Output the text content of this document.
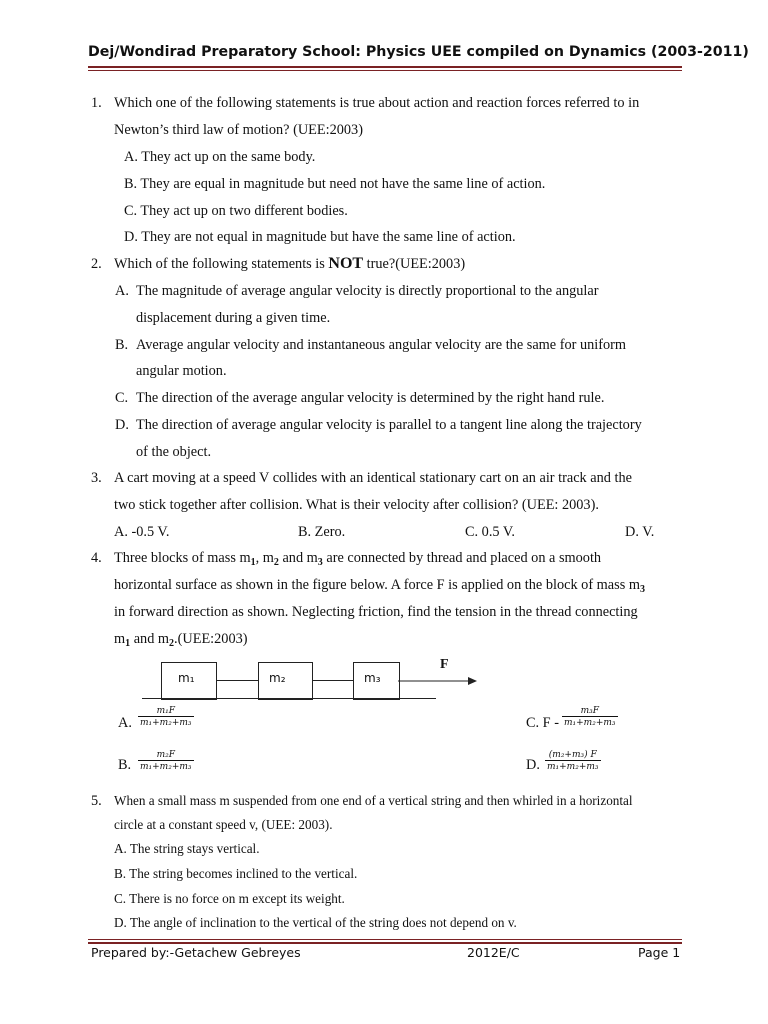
Dej/Wondirad Preparatory School: Physics UEE compiled on Dynamics (2003-2011)
1. Which one of the following statements is true about action and reaction forces referred to in
Newton’s third law of motion? (UEE:2003)
A. They act up on the same body.
B. They are equal in magnitude but need not have the same line of action.
C. They act up on two different bodies.
D. They are not equal in magnitude but have the same line of action.
2. Which of the following statements is NOT true?(UEE:2003)
A. The magnitude of average angular velocity is directly proportional to the angular
displacement during a given time.
B. Average angular velocity and instantaneous angular velocity are the same for uniform
angular motion.
C. The direction of the average angular velocity is determined by the right hand rule.
D. The direction of average angular velocity is parallel to a tangent line along the trajectory
of the object.
3. A cart moving at a speed V collides with an identical stationary cart on an air track and the
two stick together after collision. What is their velocity after collision? (UEE: 2003).
A. -0.5 V.	B. Zero.	C. 0.5 V.	D. V.
4. Three blocks of mass $m_1$, $m_2$ and $m_3$ are connected by thread and placed on a smooth
horizontal surface as shown in the figure below. A force F is applied on the block of mass $m_3$
in forward direction as shown. Neglecting friction, find the tension in the thread connecting
$m_1$ and $m_2.(UEE:2003)$
m₁	m₂	m₃
F
A. $\frac{\text{m₁F}}{\text{m₁+m₂+m₃}}$	C. F - $\frac{\text{m₃F}}{\text{m₁+m₂+m₃}}$
B. $\frac{\text{m₂F}}{\text{m₁+m₂+m₃}}$	D. $\frac{\text{(m₂+m₃) F}}{\text{m₁+m₂+m₃}}$
5. When a small mass m suspended from one end of a vertical string and then whirled in a horizontal
circle at a constant speed v, (UEE: 2003).
A. The string stays vertical.
B. The string becomes inclined to the vertical.
C. There is no force on m except its weight.
D. The angle of inclination to the vertical of the string does not depend on v.
Prepared by:-Getachew Gebreyes	2012E/C	Page 1
